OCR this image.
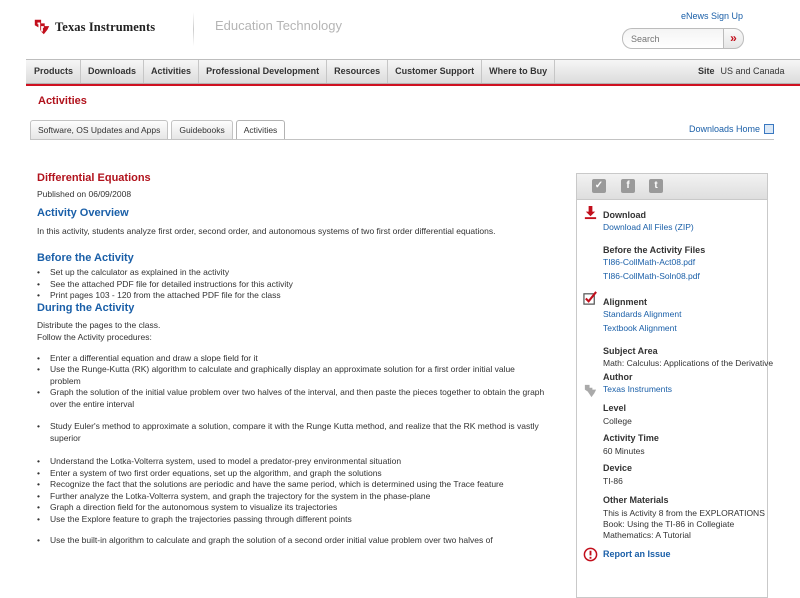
Texas Instruments	Education Technology
eNews Sign Up
Search
»
Products	Downloads	Activities	Professional Development	Resources	Customer Support	Where to Buy	Site US and Canada
Activities
Software, OS Updates and Apps	Guidebooks	Activities	Downloads Home
Differential Equations
Published on 06/09/2008
Activity Overview
In this activity, students analyze first order, second order, and autonomous systems of two first order differential equations.
Before the Activity
• Set up the calculator as explained in the activity
• See the attached PDF file for detailed instructions for this activity
• Print pages 103 - 120 from the attached PDF file for the class
During the Activity
Distribute the pages to the class.
Follow the Activity procedures:
• Enter a differential equation and draw a slope field for it
• Use the Runge-Kutta (RK) algorithm to calculate and graphically display an approximate solution for a first order initial value problem
• Graph the solution of the initial value problem over two halves of the interval, and then paste the pieces together to obtain the graph over the entire interval
• Study Euler's method to approximate a solution, compare it with the Runge Kutta method, and realize that the RK method is vastly superior
• Understand the Lotka-Volterra system, used to model a predator-prey environmental situation
• Enter a system of two first order equations, set up the algorithm, and graph the solutions
• Recognize the fact that the solutions are periodic and have the same period, which is determined using the Trace feature
• Further analyze the Lotka-Volterra system, and graph the trajectory for the system in the phase-plane
• Graph a direction field for the autonomous system to visualize its trajectories
• Use the Explore feature to graph the trajectories passing through different points
• Use the built-in algorithm to calculate and graph the solution of a second order initial value problem over two halves of
✓	f	t
Download
Download All Files (ZIP)
Before the Activity Files
TI86-CollMath-Act08.pdf
TI86-CollMath-Soln08.pdf
Alignment
Standards Alignment
Textbook Alignment
Subject Area
Math: Calculus: Applications of the Derivative
Author
Texas Instruments
Level
College
Activity Time
60 Minutes
Device
TI-86
Other Materials
This is Activity 8 from the EXPLORATIONS
Book: Using the TI-86 in Collegiate
Mathematics: A Tutorial
Report an Issue
